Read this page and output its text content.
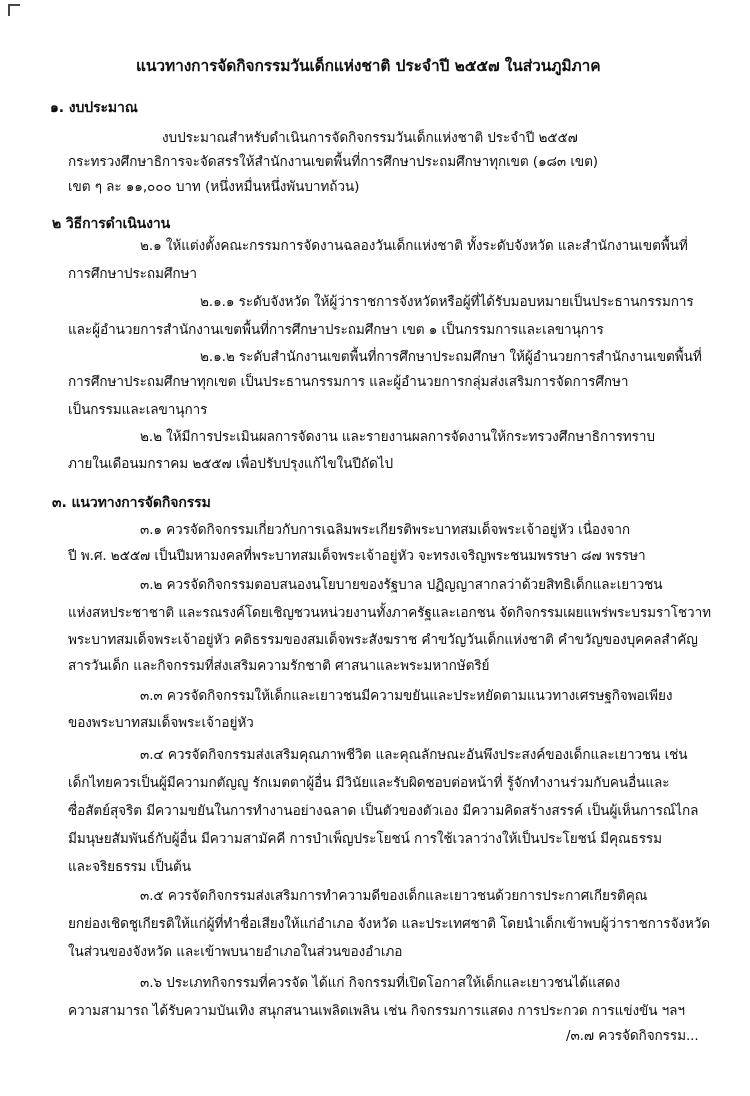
แนวทางการจัดกิจกรรมวันเด็กแห่งชาติ ประจำปี ๒๕๕๗ ในส่วนภูมิภาค
๑. งบประมาณ
งบประมาณสำหรับดำเนินการจัดกิจกรรมวันเด็กแห่งชาติ ประจำปี ๒๕๕๗
กระทรวงศึกษาธิการจะจัดสรรให้สำนักงานเขตพื้นที่การศึกษาประถมศึกษาทุกเขต (๑๘๓ เขต)
เขต ๆ ละ ๑๑,๐๐๐ บาท (หนึ่งหมื่นหนึ่งพันบาทถ้วน)
๒ วิธีการดำเนินงาน
๒.๑ ให้แต่งตั้งคณะกรรมการจัดงานฉลองวันเด็กแห่งชาติ ทั้งระดับจังหวัด และสำนักงานเขตพื้นที่
การศึกษาประถมศึกษา
๒.๑.๑ ระดับจังหวัด ให้ผู้ว่าราชการจังหวัดหรือผู้ที่ได้รับมอบหมายเป็นประธานกรรมการ
และผู้อำนวยการสำนักงานเขตพื้นที่การศึกษาประถมศึกษา เขต ๑ เป็นกรรมการและเลขานุการ
๒.๑.๒ ระดับสำนักงานเขตพื้นที่การศึกษาประถมศึกษา ให้ผู้อำนวยการสำนักงานเขตพื้นที่
การศึกษาประถมศึกษาทุกเขต เป็นประธานกรรมการ และผู้อำนวยการกลุ่มส่งเสริมการจัดการศึกษา
เป็นกรรมและเลขานุการ
๒.๒ ให้มีการประเมินผลการจัดงาน และรายงานผลการจัดงานให้กระทรวงศึกษาธิการทราบ
ภายในเดือนมกราคม ๒๕๕๗ เพื่อปรับปรุงแก้ไขในปีถัดไป
๓. แนวทางการจัดกิจกรรม
๓.๑ ควรจัดกิจกรรมเกี่ยวกับการเฉลิมพระเกียรติพระบาทสมเด็จพระเจ้าอยู่หัว เนื่องจาก
ปี พ.ศ. ๒๕๕๗ เป็นปีมหามงคลที่พระบาทสมเด็จพระเจ้าอยู่หัว จะทรงเจริญพระชนมพรรษา ๘๗ พรรษา
๓.๒ ควรจัดกิจกรรมตอบสนองนโยบายของรัฐบาล ปฏิญญาสากลว่าด้วยสิทธิเด็กและเยาวชน
แห่งสหประชาชาติ และรณรงค์โดยเชิญชวนหน่วยงานทั้งภาครัฐและเอกชน จัดกิจกรรมเผยแพร่พระบรมราโชวาท
พระบาทสมเด็จพระเจ้าอยู่หัว คติธรรมของสมเด็จพระสังฆราช คำขวัญวันเด็กแห่งชาติ คำขวัญของบุคคลสำคัญ
สารวันเด็ก และกิจกรรมที่ส่งเสริมความรักชาติ ศาสนาและพระมหากษัตริย์
๓.๓ ควรจัดกิจกรรมให้เด็กและเยาวชนมีความขยันและประหยัดตามแนวทางเศรษฐกิจพอเพียง
ของพระบาทสมเด็จพระเจ้าอยู่หัว
๓.๔ ควรจัดกิจกรรมส่งเสริมคุณภาพชีวิต และคุณลักษณะอันพึงประสงค์ของเด็กและเยาวชน เช่น
เด็กไทยควรเป็นผู้มีความกตัญญู รักเมตตาผู้อื่น มีวินัยและรับผิดชอบต่อหน้าที่ รู้จักทำงานร่วมกับคนอื่นและ
ซื่อสัตย์สุจริต มีความขยันในการทำงานอย่างฉลาด เป็นตัวของตัวเอง มีความคิดสร้างสรรค์ เป็นผู้เห็นการณ์ไกล
มีมนุษยสัมพันธ์กับผู้อื่น มีความสามัคคี การบำเพ็ญประโยชน์ การใช้เวลาว่างให้เป็นประโยชน์ มีคุณธรรม
และจริยธรรม เป็นต้น
๓.๕ ควรจัดกิจกรรมส่งเสริมการทำความดีของเด็กและเยาวชนด้วยการประกาศเกียรติคุณ
ยกย่องเชิดชูเกียรติให้แก่ผู้ที่ทำชื่อเสียงให้แก่อำเภอ จังหวัด และประเทศชาติ โดยนำเด็กเข้าพบผู้ว่าราชการจังหวัด
ในส่วนของจังหวัด และเข้าพบนายอำเภอในส่วนของอำเภอ
๓.๖ ประเภทกิจกรรมที่ควรจัด ได้แก่ กิจกรรมที่เปิดโอกาสให้เด็กและเยาวชนได้แสดง
ความสามารถ ได้รับความบันเทิง สนุกสนานเพลิดเพลิน เช่น กิจกรรมการแสดง การประกวด การแข่งขัน ฯลฯ
/๓.๗ ควรจัดกิจกรรม...
